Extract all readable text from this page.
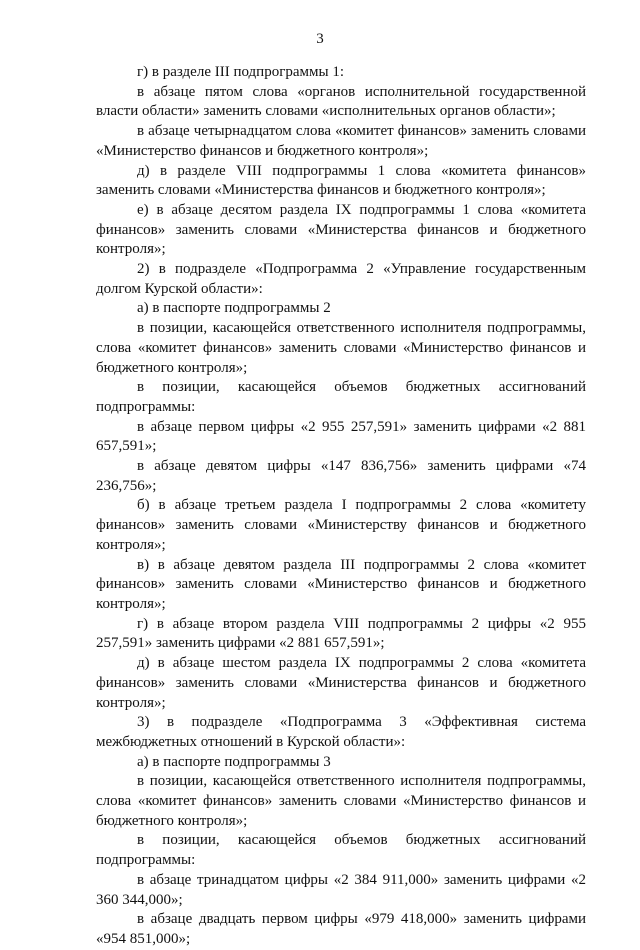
3

г) в разделе III подпрограммы 1:

в абзаце пятом слова «органов исполнительной государственной власти области» заменить словами «исполнительных органов области»;

в абзаце четырнадцатом слова «комитет финансов» заменить словами «Министерство финансов и бюджетного контроля»;

д) в разделе VIII подпрограммы 1 слова «комитета финансов» заменить словами «Министерства финансов и бюджетного контроля»;

е) в абзаце десятом раздела IX подпрограммы 1 слова «комитета финансов» заменить словами «Министерства финансов и бюджетного контроля»;

2) в подразделе «Подпрограмма 2 «Управление государственным долгом Курской области»:

а) в паспорте подпрограммы 2

в позиции, касающейся ответственного исполнителя подпрограммы, слова «комитет финансов» заменить словами «Министерство финансов и бюджетного контроля»;

в позиции, касающейся объемов бюджетных ассигнований подпрограммы:

в абзаце первом цифры «2 955 257,591» заменить цифрами «2 881 657,591»;

в абзаце девятом цифры «147 836,756» заменить цифрами «74 236,756»;

б) в абзаце третьем раздела I подпрограммы 2 слова «комитету финансов» заменить словами «Министерству финансов и бюджетного контроля»;

в) в абзаце девятом раздела III подпрограммы 2 слова «комитет финансов» заменить словами «Министерство финансов и бюджетного контроля»;

г) в абзаце втором раздела VIII подпрограммы 2 цифры «2 955 257,591» заменить цифрами «2 881 657,591»;

д) в абзаце шестом раздела IX подпрограммы 2 слова «комитета финансов» заменить словами «Министерства финансов и бюджетного контроля»;

3) в подразделе «Подпрограмма 3 «Эффективная система межбюджетных отношений в Курской области»:

а) в паспорте подпрограммы 3

в позиции, касающейся ответственного исполнителя подпрограммы, слова «комитет финансов» заменить словами «Министерство финансов и бюджетного контроля»;

в позиции, касающейся объемов бюджетных ассигнований подпрограммы:

в абзаце тринадцатом цифры «2 384 911,000» заменить цифрами «2 360 344,000»;

в абзаце двадцать первом цифры «979 418,000» заменить цифрами «954 851,000»;
